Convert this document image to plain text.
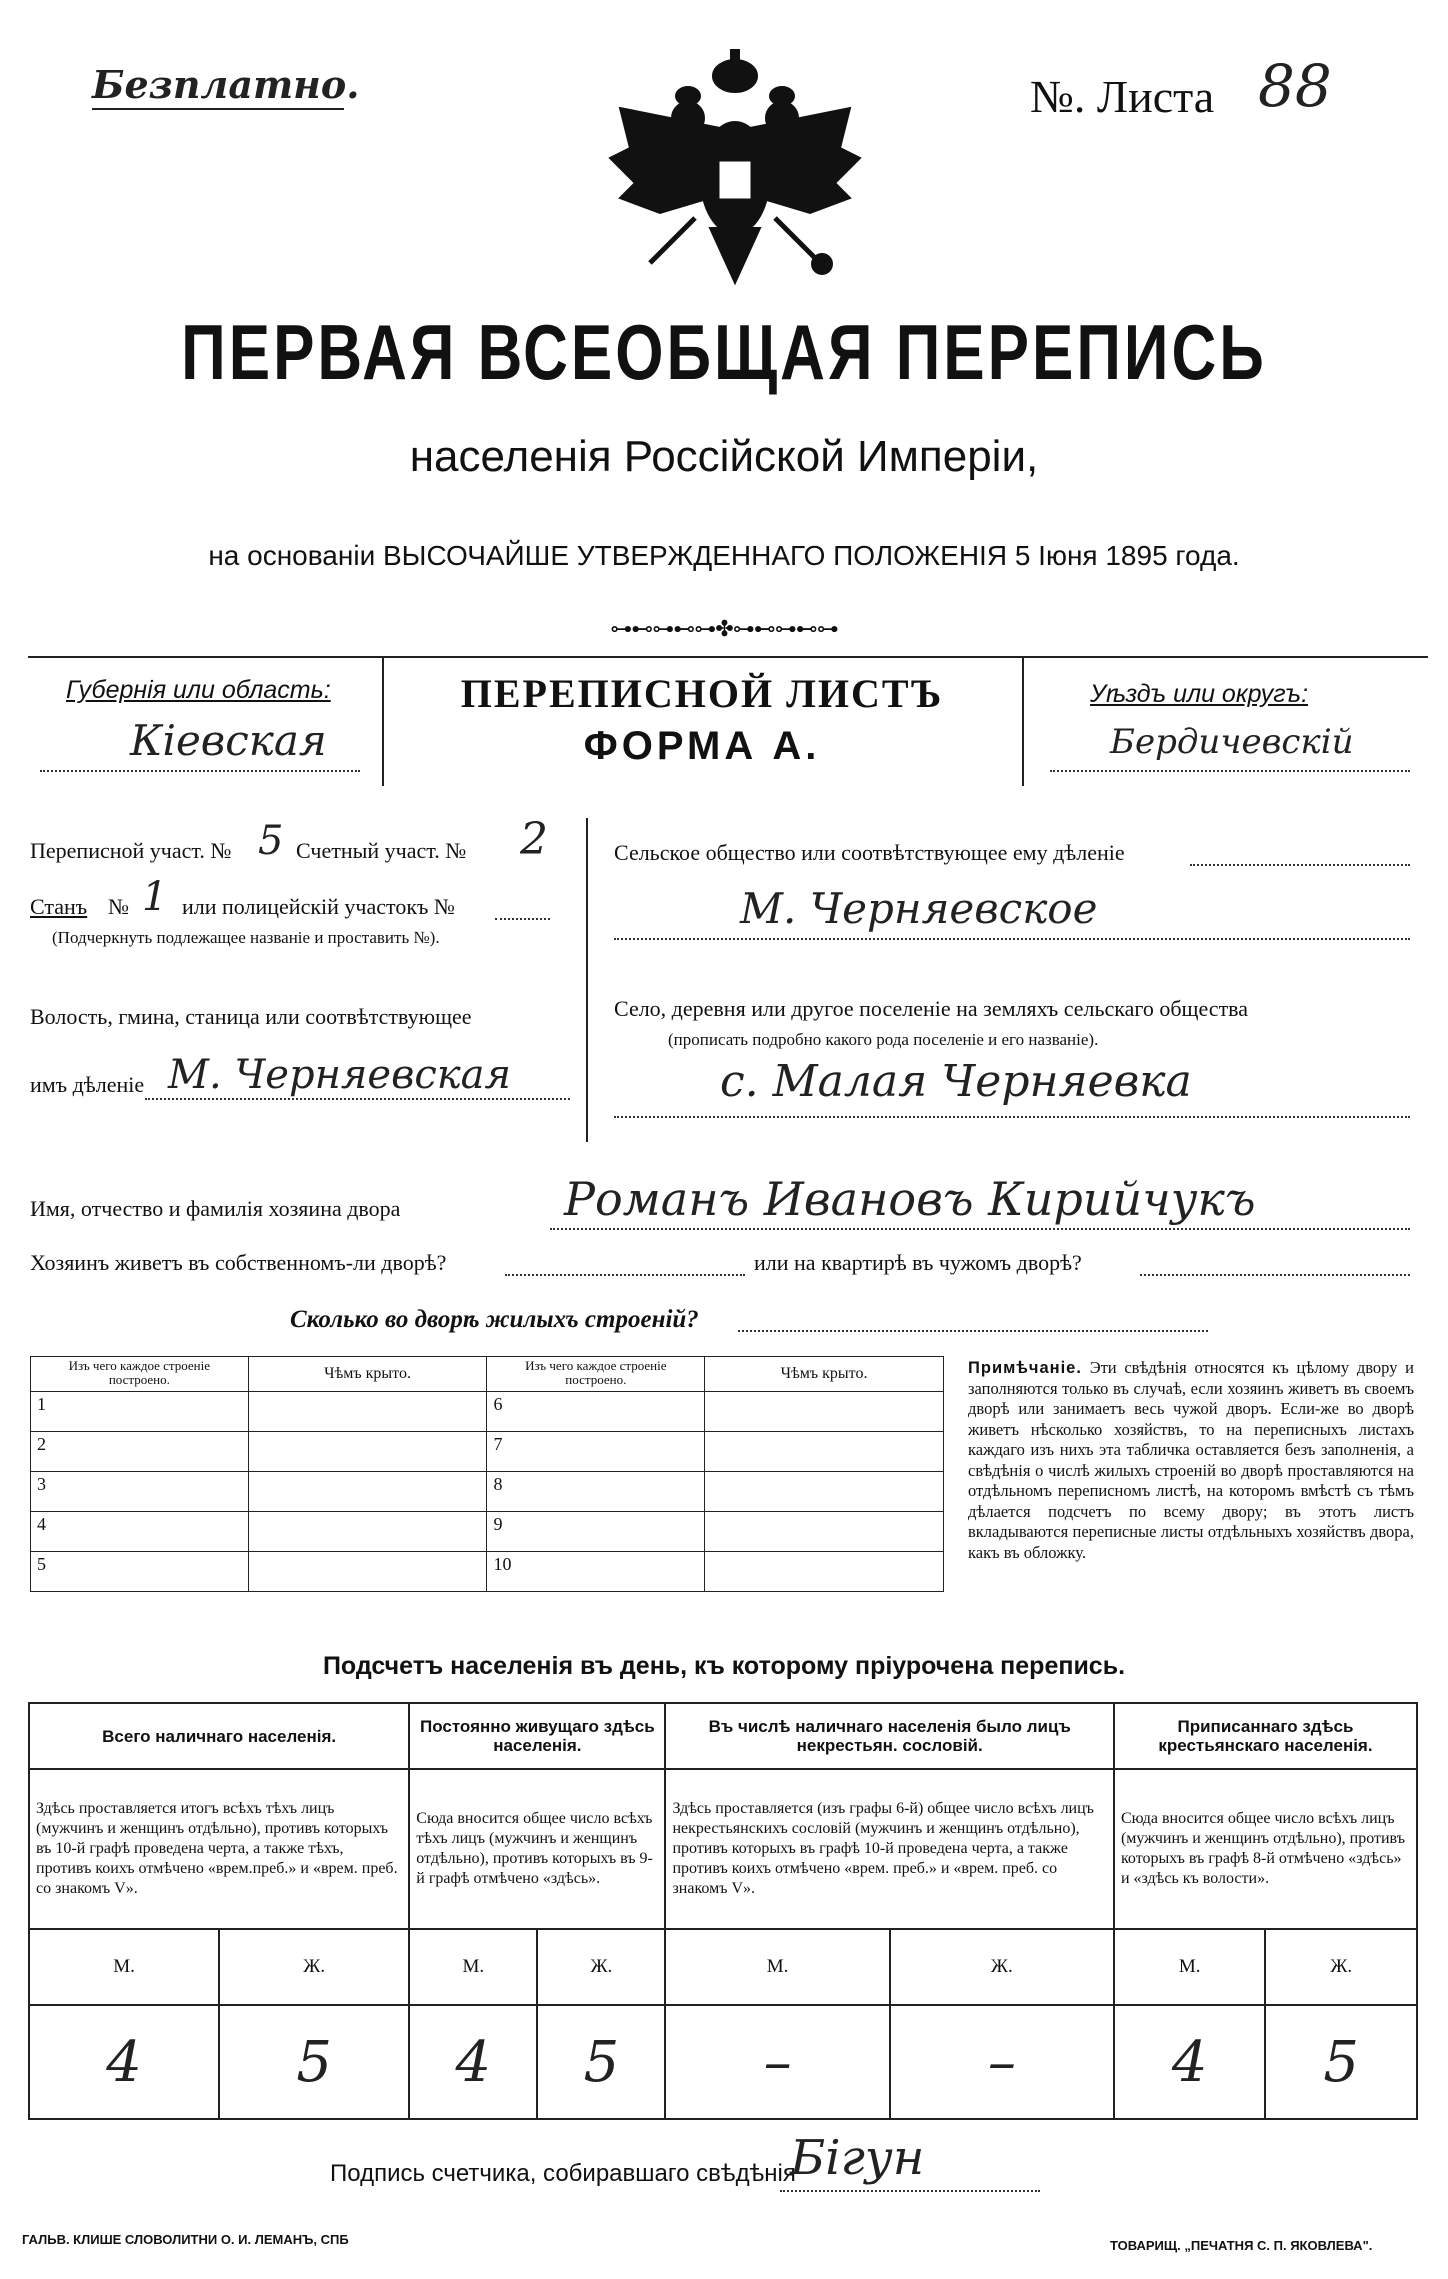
Безплатно.	№. Листа 88
ПЕРВАЯ ВСЕОБЩАЯ ПЕРЕПИСЬ
населенія Россійской Имперіи,
на основаніи ВЫСОЧАЙШЕ УТВЕРЖДЕННАГО ПОЛОЖЕНІЯ 5 Іюня 1895 года.
⊶⊷⊶⊷⊶✤⊶⊷⊶⊷⊶
Губернія или область:
Кіевская
ПЕРЕПИСНОЙ ЛИСТЪ
ФОРМА А.
Уѣздъ или округъ:
Бердичевскій
Переписной участ. № 5 Счетный участ. № 2
Станъ № 1 или полицейскій участокъ №
(Подчеркнуть подлежащее названіе и проставить №).
Волость, гмина, станица или соотвѣтствующее
имъ дѣленіе М. Черняевская
Сельское общество или соотвѣтствующее ему дѣленіе
М. Черняевское
Село, деревня или другое поселеніе на земляхъ сельскаго общества
(прописать подробно какого рода поселеніе и его названіе).
с. Малая Черняевка
Имя, отчество и фамилія хозяина двора	Романъ Ивановъ Кирийчукъ
Хозяинъ живетъ въ собственномъ-ли дворѣ?	или на квартирѣ въ чужомъ дворѣ?
Сколько во дворѣ жилыхъ строеній?
Изъ чего каждое строеніе построено.	Чѣмъ крыто.	Изъ чего каждое строеніе построено.	Чѣмъ крыто.
1		6	
2		7	
3		8	
4		9	
5		10	
Примѣчаніе. Эти свѣдѣнія относятся къ цѣлому двору и заполняются только въ случаѣ, если хозяинъ живетъ въ своемъ дворѣ или занимаетъ весь чужой дворъ. Если-же во дворѣ живетъ нѣсколько хозяйствъ, то на переписныхъ листахъ каждаго изъ нихъ эта табличка оставляется безъ заполненія, а свѣдѣнія о числѣ жилыхъ строеній во дворѣ проставляются на отдѣльномъ переписномъ листѣ, на которомъ вмѣстѣ съ тѣмъ дѣлается подсчетъ по всему двору; въ этотъ листъ вкладываются переписные листы отдѣльныхъ хозяйствъ двора, какъ въ обложку.
Подсчетъ населенія въ день, къ которому пріурочена перепись.
Всего наличнаго населенія.		Постоянно живущаго здѣсь населенія.		Въ числѣ наличнаго населенія было лицъ некрестьян. сословій.		Приписаннаго здѣсь крестьянскаго населенія.	
Здѣсь проставляется итогъ всѣхъ тѣхъ лицъ (мужчинъ и женщинъ отдѣльно), противъ которыхъ въ 10-й графѣ проведена черта, а также тѣхъ, противъ коихъ отмѣчено «врем.преб.» и «врем. преб. со знакомъ V».		Сюда вносится общее число всѣхъ тѣхъ лицъ (мужчинъ и женщинъ отдѣльно), противъ которыхъ въ 9-й графѣ отмѣчено «здѣсь».		Здѣсь проставляется (изъ графы 6-й) общее число всѣхъ лицъ некрестьянскихъ сословій (мужчинъ и женщинъ отдѣльно), противъ которыхъ въ графѣ 10-й проведена черта, а также противъ коихъ отмѣчено «врем. преб.» и «врем. преб. со знакомъ V».		Сюда вносится общее число всѣхъ лицъ (мужчинъ и женщинъ отдѣльно), противъ которыхъ въ графѣ 8-й отмѣчено «здѣсь» и «здѣсь къ волости».	
М.	Ж.	М.	Ж.	М.	Ж.	М.	Ж.
4	5	4	5	–	–	4	5
Подпись счетчика, собиравшаго свѣдѣнія
Бігун
ГАЛЬВ. КЛИШЕ СЛОВОЛИТНИ О. И. ЛЕМАНЪ, СПБ	ТОВАРИЩ. „ПЕЧАТНЯ С. П. ЯКОВЛЕВА".
